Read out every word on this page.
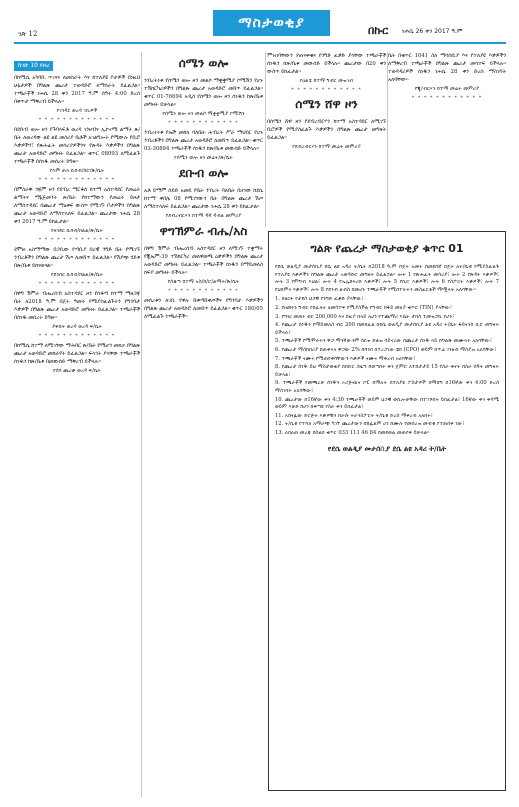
ገጽ 12
ማስታወቂያ	በኩር ነሐሴ 26 ቀን 2017 ዓ.ም
ከገጽ 10 የዞረ

በከሚሴ አካባቢ ጥገናና ለመስራት እና ከተለያዩ ቦታዎች በነዚህ ሁኔታዎች በግልጽ ጨረታ ተወዳድሮ ለማሰራት ይፈልጋል። ተጫራቾች ነሐሴ 28 ቀን 2017 ዓ.ም ሰዓት 4:00 ድረስ በቀጥታ ማቅረብ ይችላሉ።

የገንዳር ወረዳ ገቢዎች

* * * * * * * * * * * * *

በደቡብ ወሎ ዞን የጉባላፍቶ ወረዳ ገንዘብና ኢኮኖሚ ልማት ጽ/ቤት ለወረዳው ልዩ ልዩ መስሪያ ቤቶች አገልግሎት የሚውሉ የቢሮ እቃዎችን፣ የጽሕፈት መሳሪያዎችንና የጽዳት እቃዎችን በግልጽ ጨረታ አወዳድሮ መግዛት ይፈልጋል። ቁጥር 08093 ለሚፈልጉ ተጫራቾች በሰነዱ መሰረት ይግዙ።

የእም ጠላ ኪከብ/ከሮ/ጽ/ቤት

* * * * * * * * * * * * *

በምስራቅ ጎጃም ዞን የደብረ ማርቆስ ከተማ አስተዳደር የመሬት ልማትና ማኔጅመንት ጽ/ቤት የከተማውን የመሬት ይዞታ ለማስተዳደር በጨረታ ማዕቀፍ ውስጥ የሚገኙ ቦታዎችን በግልጽ ጨረታ አወዳድሮ ለማስተላለፍ ይፈልጋል። ጨረታው ነሐሴ 28 ቀን 2017 ዓ.ም ይከፈታል።

የዞንደር ኪከብ/ክልል/ጽ/ቤት

* * * * * * * * * * * * *

ደሞዙ አስማማው በጋቢው የጣቢያ በሪዊ ንግድ ቤት የሚገኙ ንብረቶችን በግልጽ ጨረታ ሽጦ ለመሸጥ ይፈልጋል። የሽያጭ ሂደቱ በጽ/ቤቱ ይከናወናል።

የደንበር ኪከብ/ክልል/ጽ/ቤት

* * * * * * * * * * * * *

በዋግ ኽምራ ብሔረሰብ አስተዳደር ዞን የሰቆጣ ከተማ ማዘጋጃ ቤት ለ2018 ዓ.ም በጀት ዓመት የሚያስፈልጉትን የግንባታ እቃዎች በግልጽ ጨረታ አወዳድሮ መግዛት ይፈልጋል። ተጫራቾች በሰነዱ መሰረት ይግዙ።

ያቀበት ወረዳ ወረዳ ፍ/ቤት

* * * * * * * * * * * * *

በከሚሴ ከተማ ለሚገኘው ማሕበር ጽ/ቤት የሚሆን መኪና በግልጽ ጨረታ አወዳድሮ መከራየት ይፈልጋል። ፍላጎት ያላቸው ተጫራቾች ሰነዱን ከጽ/ቤቱ በመውሰድ ማቅረብ ይችላሉ።

የሰባ ጨረቃ ወረዳ ፍ/ቤት

ሰሜን ወሎ

ንብረትነቱ የሰሜን ወሎ ዞን መልሶ ማቋቋሚያ ኮሚሽን የሆኑ ተሽከርካሪዎችን በግልጽ ጨረታ አወዳድሮ መሸጥ ይፈልጋል። ቁጥር 01-76694 አዲስ የሰሜን ወሎ ዞን ሰነዱን ከጽ/ቤቱ መግዛት ይቻላል።

የሰሜን ወሎ ዞን መልሶ ማቋቋሚያ ኮሚሽን

* * * * * * * * * * * *

ንብረትነቱ የኤች መከለ ባለቤት ሕብረት ሥራ ማህበር የሆኑ ንብረቶችን በግልጽ ጨረታ አወዳድሮ ለመሸጥ ይፈልጋል። ቁጥር 03-30884 ተጫራቾች ሰነዱን ከጽ/ቤቱ መውሰድ ይችላሉ።

የሰሜን ወሎ ዞን መሬት/ጽ/ቤት

ደቡብ ወሎ

አቶ ይማም ሰይድ አመዴ የቤት ንብረት ባለቤት በሆነው ከደሴ ከተማ ቀበሌ 08 የሚገኘውን ቤት በግልጽ ጨረታ ሽጦ ለማስተላለፍ ይፈልጋል። ጨረታው ነሐሴ 28 ቀን ይከፈታል።

የደብረብርሃን ከተማ ዳኛ ዳብል መምሪያ

ዋግኽምራ ብሔ/አስ

በዋግ ኽምራ ብሔረሰብ አስተዳደር ዞን ለሚገኙ ተቋማት የጂኤም-39 ተሽከርካሪ መለዋወጫ ዕቃዎችን በግልጽ ጨረታ አወዳድሮ መግዛት ይፈልጋል። ተጫራቾች ሰነዱን በማይመለስ ክፍያ መግዛት ይችላሉ።

የሰቆጣ ከተማ አስ/ከ/ሮ/ልማት/ጽ/ቤት

* * * * * * * * * * * *

መሰረቱን ለገቢ የዋሉ ሸቀጣሸቀጦችና የግንባታ እቃዎችን በግልጽ ጨረታ አወዳድሮ ለመሸጥ ይፈልጋል። ቁጥር 180/05 ለሚፈልጉ ተጫራቾች።

ምዝገባቸውን ያጠናቀቁና የንግድ ፈቃድ ያላቸው ተጫራቾች ሰነዱን ከጽ/ቤቱ መውሰድ ይችላሉ። ጨረታው በ20 ቀን ውስጥ ይከፈታል።

የዐልቴ ከተማ ግብር መዝገብ

* * * * * * * * * * * *
ሰሜን ሸዋ ዞን

በሰሜን ሸዋ ዞን የደብረብርሃን ከተማ አስተዳደር ለሚገኙ ቢሮዎች የሚያስፈልጉ እቃዎችን በግልጽ ጨረታ መግዛት ይፈልጋል።

የደብረብርሃን ከተማ መሬት መምሪያ

ቤት በቁጥር 1041 ስለ ማሳሰቢያ እና የተለያዩ እቃዎችን ለማቅረብ ተጫራቾች በግልጽ ጨረታ መሳተፍ ይችላሉ። ተወዳዳሪዎች ሰነዱን ነሐሴ 28 ቀን ድረስ ማስገባት አለባቸው።

የጂ/ብርሃን ከተማ መሬት መምሪያ

* * * * * * * * * * * *
ግልጽ የጨረታ ማስታወቂያ ቁጥር 01

የደሴ ወልዲያ መታሰቢያ ደሴ ልዩ አዳሪ ት/ቤት በ2018 ዓ.ም በጀት አመት በመደበኛ በጀት ለት/ቤቱ የሚያስፈልጉ የተለያዩ እቃዎችን በግልጽ ጨረታ አወዳድሮ መግዛት ይፈልጋል። ሎት 1 የጽሕፈት መሳሪያ፣ ሎት 2 የጽዳት እቃዎች፣ ሎት 3 የምግብ እህል፣ ሎት 4 የኤሌክትሪክ እቃዎች፣ ሎት 5 የቢሮ እቃዎች፣ ሎት 6 የስፖርት እቃዎች፣ ሎት 7 የህክምና እቃዎች፣ ሎት 8 የደንብ ልብስ በመሆኑ ተጫራቾች የሚከተሉትን መስፈርቶች ማሟላት አለባቸው።

1. በዘርፉ የታደሰ ህጋዊ የንግድ ፈቃድ ያላቸው፣
2. የዘመኑን ግብር የከፈሉና ለመሳተፍ የሚያስችል የግብር ከፋይ መለያ ቁጥር (TIN) ያላቸው፣
3. የግዢ መጠኑ ብር 200,000 እና ከዚያ በላይ ለሆነ የተጨማሪ እሴት ታክስ ተመዝጋቢ የሆኑ፣
4. የጨረታ ሰነዱን የማይመለስ ብር 200 በመክፈል ከደሴ ወልዲያ መታሰቢያ ልዩ አዳሪ ት/ቤት ፋይናንስ ቢሮ መግዛት ይችላሉ፣
5. ተጫራቾች የሚሞሉትን ዋጋ ማንኛውንም ስርዝ ድልዝ ሳይኖረው በጨረታ ሰነዱ ላይ በግልጽ መሙላት አለባቸው፣
6. የጨረታ ማስከበሪያ ከጠቅላላ ዋጋው 2% በባንክ በተረጋገጠ ቼክ (CPO) ወይም በጥሬ ገንዘብ ማስያዝ አለባቸው፣
7. ተጫራቾች ናሙና የሚጠየቅባቸውን እቃዎች ናሙና ማቅረብ አለባቸው፣
8. የጨረታ ሰነዱ ይህ ማስታወቂያ በበኩር ጋዜጣ ከወጣበት ቀን ጀምሮ ለተከታታይ 15 የስራ ቀናት በስራ ሰዓት መግዛት ይቻላል፣
9. ተጫራቾች የመጫረቻ ሰነዱን ኦሪጅናልና ኮፒ በማለት በተለያዩ ፖስታዎች በማሸግ በ16ኛው ቀን 4:00 ድረስ ማስገባት አለባቸው፣
10. ጨረታው በ16ኛው ቀን 4:30 ተጫራቾች ወይም ህጋዊ ወኪሎቻቸው በተገኙበት ይከፈታል፣ 16ኛው ቀን ቅዳሜ ወይም እሁድ ከሆነ በቀጣዩ የስራ ቀን ይከፈታል፣
11. አሸናፊው ድርጅት እቃዎቹን በራሱ ትራንስፖርት ት/ቤቱ ድረስ ማቅረብ አለበት፣
12. ት/ቤቱ የተሻለ አማራጭ ካገኘ ጨረታውን በከፊልም ሆነ በሙሉ የመሰረዝ መብቱ የተጠበቀ ነው፣
13. ለበለጠ መረጃ በስልክ ቁጥር 033 111 46 84 በመደወል መጠየቅ ይቻላል።
የደሴ ወልዲያ መታሰቢያ ደሴ ልዩ አዳሪ ት/ቤት
